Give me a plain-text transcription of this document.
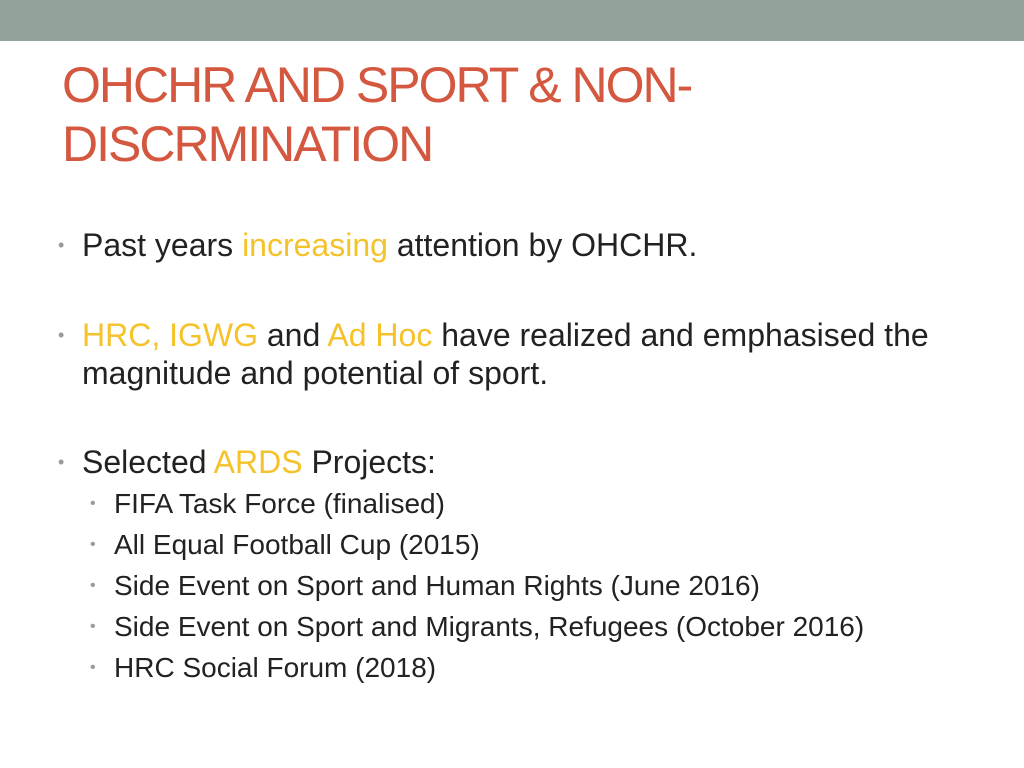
OHCHR AND SPORT & NON-
DISCRMINATION
• Past years increasing attention by OHCHR.
• HRC, IGWG and Ad Hoc have realized and emphasised the magnitude and potential of sport.
• Selected ARDS Projects:
• FIFA Task Force (finalised)
• All Equal Football Cup (2015)
• Side Event on Sport and Human Rights (June 2016)
• Side Event on Sport and Migrants, Refugees (October 2016)
• HRC Social Forum (2018)
